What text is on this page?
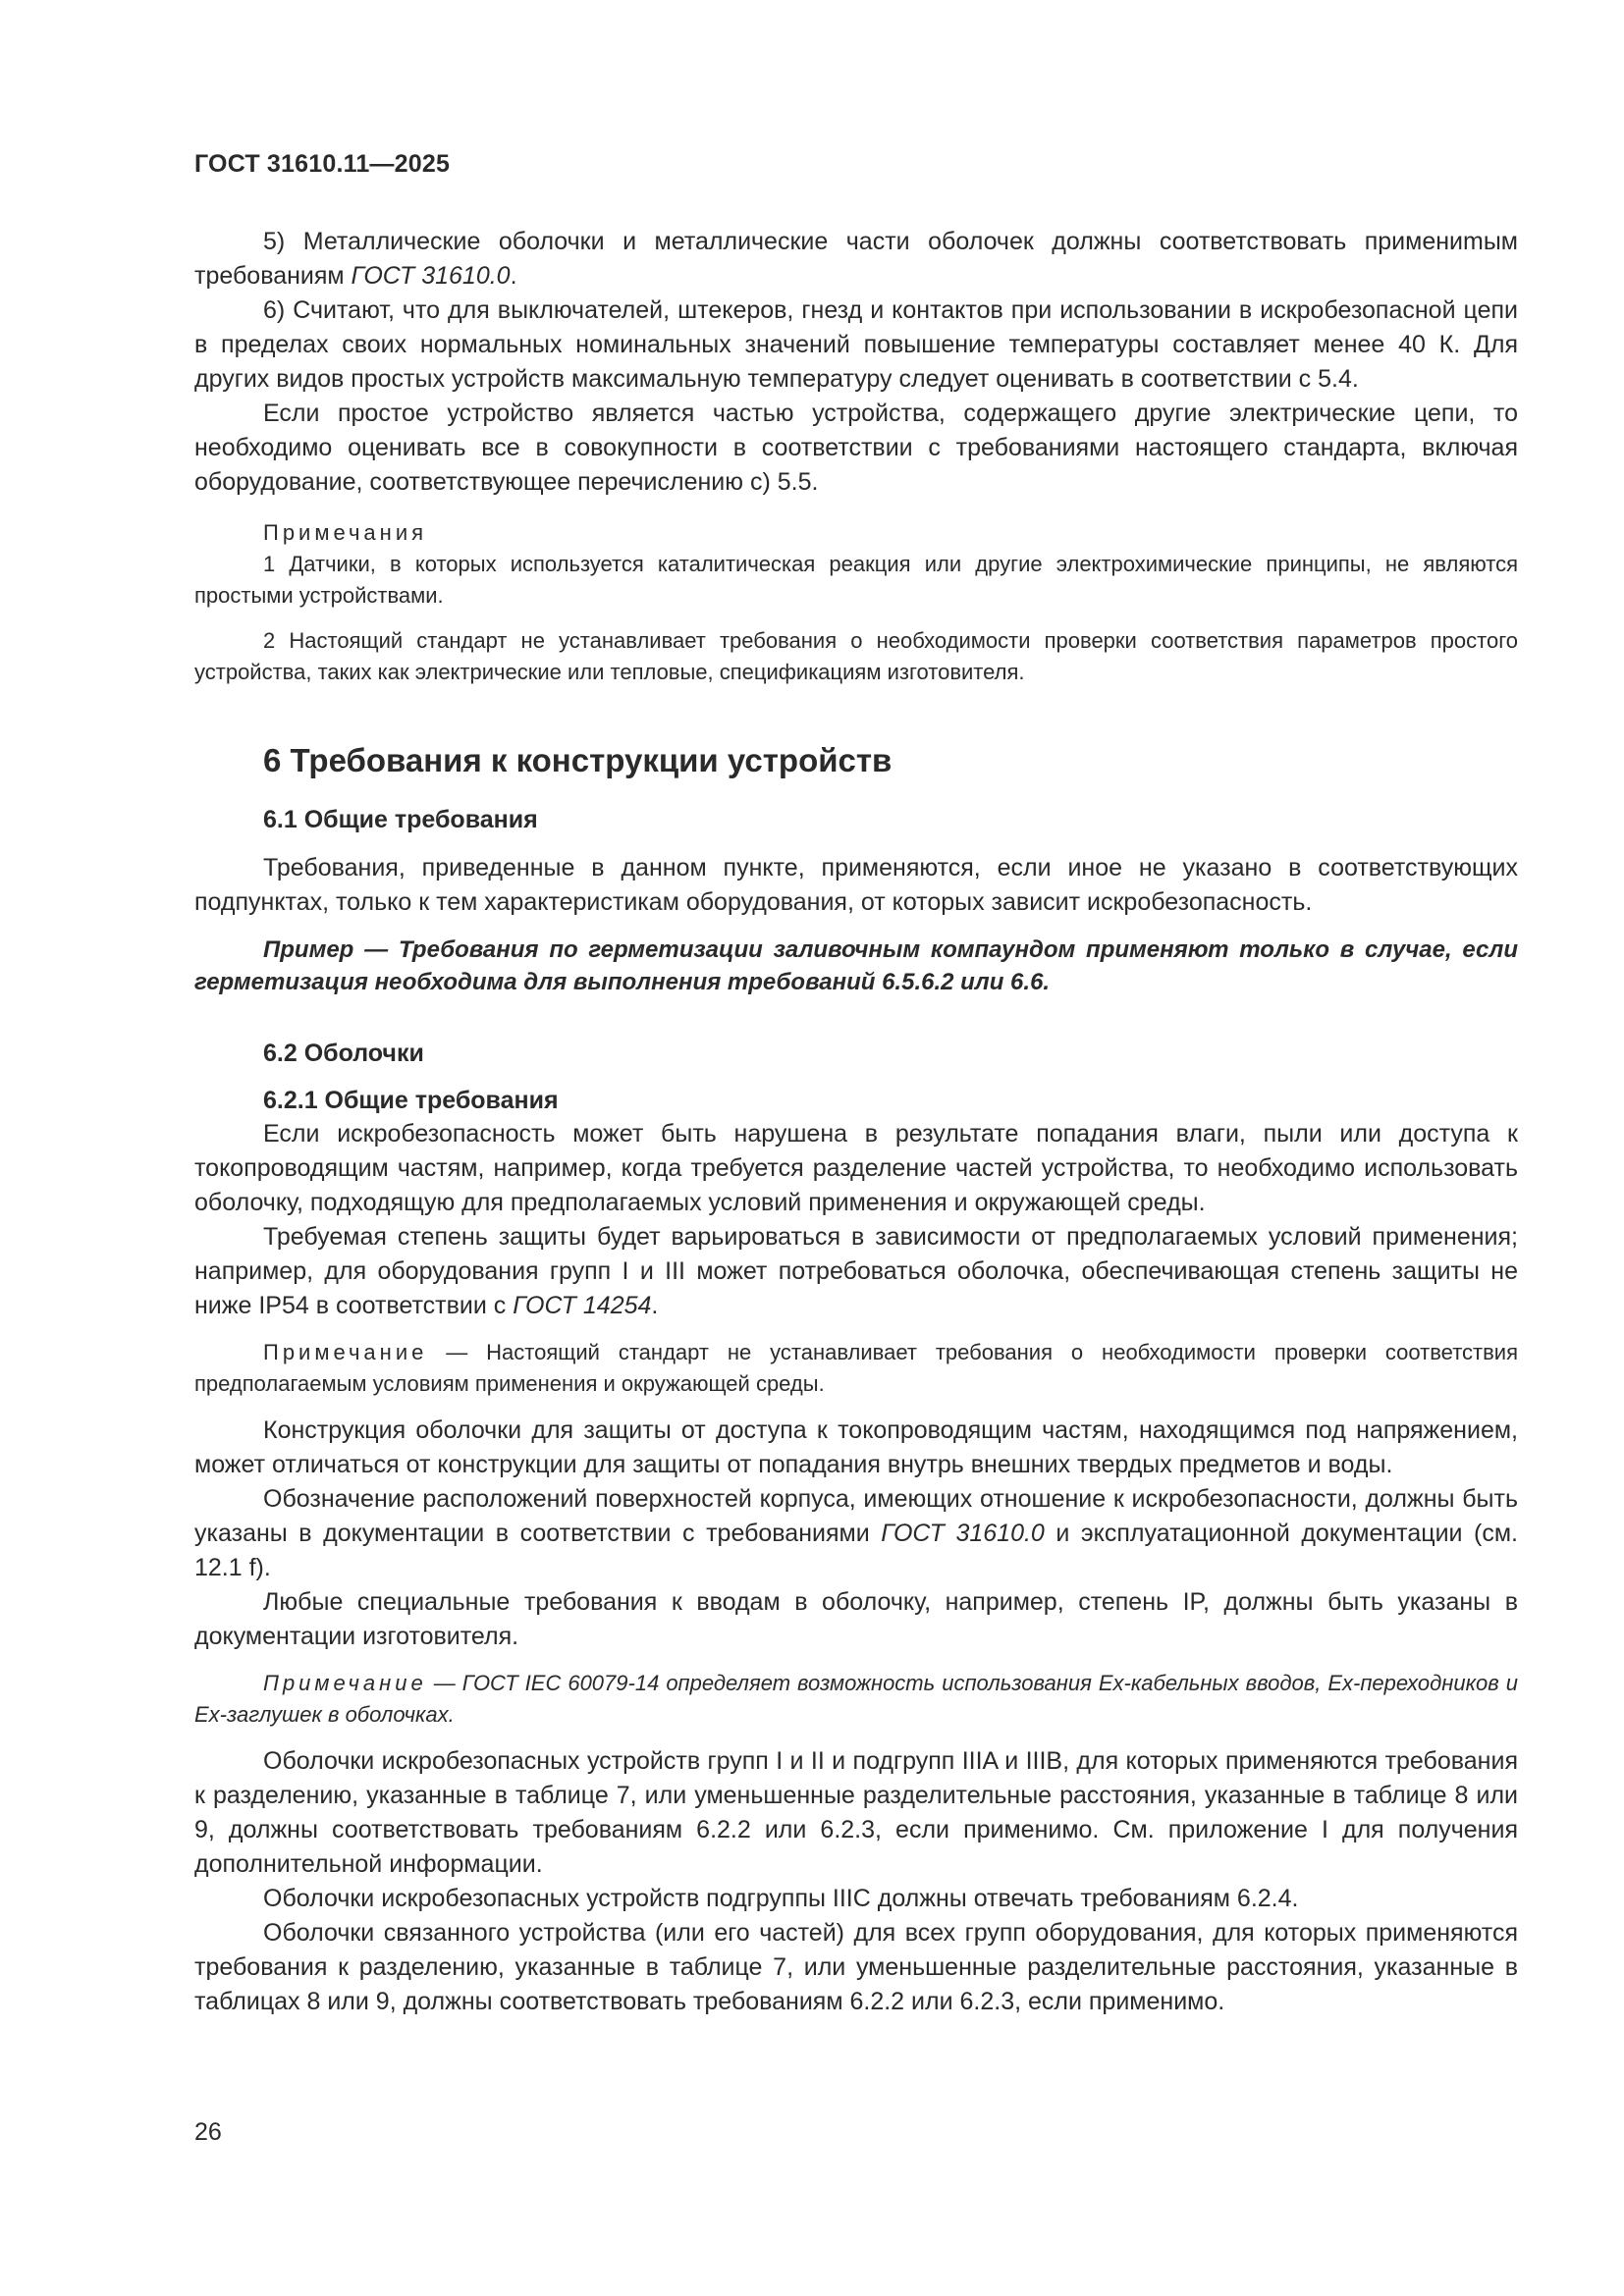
ГОСТ 31610.11—2025

5) Металлические оболочки и металлические части оболочек должны соответствовать примениmым требованиям ГОСТ 31610.0.

6) Считают, что для выключателей, штекеров, гнезд и контактов при использовании в искробезопасной цепи в пределах своих нормальных номинальных значений повышение температуры составляет менее 40 К. Для других видов простых устройств максимальную температуру следует оценивать в соответствии с 5.4.

Если простое устройство является частью устройства, содержащего другие электрические цепи, то необходимо оценивать все в совокупности в соответствии с требованиями настоящего стандарта, включая оборудование, соответствующее перечислению c) 5.5.

Примечания

1 Датчики, в которых используется каталитическая реакция или другие электрохимические принципы, не являются простыми устройствами.

2 Настоящий стандарт не устанавливает требования о необходимости проверки соответствия параметров простого устройства, таких как электрические или тепловые, спецификациям изготовителя.

6 Требования к конструкции устройств
6.1 Общие требования

Требования, приведенные в данном пункте, применяются, если иное не указано в соответствующих подпунктах, только к тем характеристикам оборудования, от которых зависит искробезопасность.

Пример — Требования по герметизации заливочным компаундом применяют только в случае, если герметизация необходима для выполнения требований 6.5.6.2 или 6.6.

6.2 Оболочки
6.2.1 Общие требования

Если искробезопасность может быть нарушена в результате попадания влаги, пыли или доступа к токопроводящим частям, например, когда требуется разделение частей устройства, то необходимо использовать оболочку, подходящую для предполагаемых условий применения и окружающей среды.

Требуемая степень защиты будет варьироваться в зависимости от предполагаемых условий применения; например, для оборудования групп I и III может потребоваться оболочка, обеспечивающая степень защиты не ниже IP54 в соответствии с ГОСТ 14254.

Примечание — Настоящий стандарт не устанавливает требования о необходимости проверки соответствия предполагаемым условиям применения и окружающей среды.

Конструкция оболочки для защиты от доступа к токопроводящим частям, находящимся под напряжением, может отличаться от конструкции для защиты от попадания внутрь внешних твердых предметов и воды.

Обозначение расположений поверхностей корпуса, имеющих отношение к искробезопасности, должны быть указаны в документации в соответствии с требованиями ГОСТ 31610.0 и эксплуатационной документации (см. 12.1 f).

Любые специальные требования к вводам в оболочку, например, степень IP, должны быть указаны в документации изготовителя.

Примечание — ГОСТ IEC 60079-14 определяет возможность использования Ех-кабельных вводов, Ех-переходников и Ех-заглушек в оболочках.

Оболочки искробезопасных устройств групп I и II и подгрупп IIIA и IIIB, для которых применяются требования к разделению, указанные в таблице 7, или уменьшенные разделительные расстояния, указанные в таблице 8 или 9, должны соответствовать требованиям 6.2.2 или 6.2.3, если применимо. См. приложение I для получения дополнительной информации.

Оболочки искробезопасных устройств подгруппы IIIC должны отвечать требованиям 6.2.4.

Оболочки связанного устройства (или его частей) для всех групп оборудования, для которых применяются требования к разделению, указанные в таблице 7, или уменьшенные разделительные расстояния, указанные в таблицах 8 или 9, должны соответствовать требованиям 6.2.2 или 6.2.3, если применимо.

26
